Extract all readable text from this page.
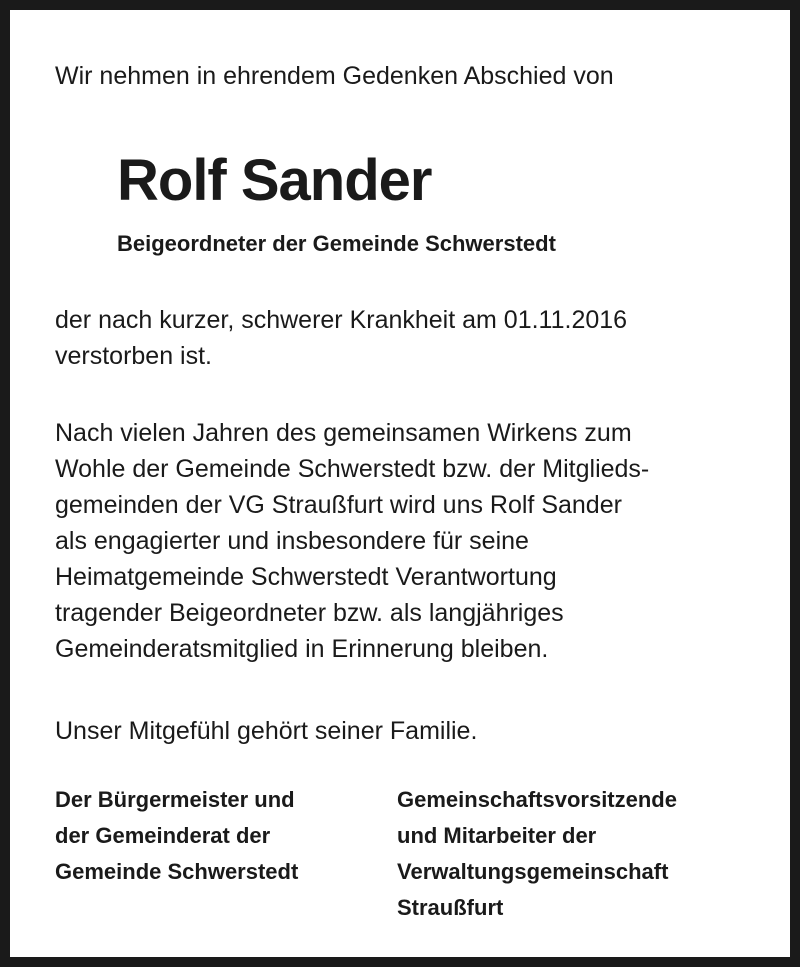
Wir nehmen in ehrendem Gedenken Abschied von
Rolf Sander
Beigeordneter der Gemeinde Schwerstedt
der nach kurzer, schwerer Krankheit am 01.11.2016
verstorben ist.
Nach vielen Jahren des gemeinsamen Wirkens zum
Wohle der Gemeinde Schwerstedt bzw. der Mitglieds-
gemeinden der VG Straußfurt wird uns Rolf Sander
als engagierter und insbesondere für seine
Heimatgemeinde Schwerstedt Verantwortung
tragender Beigeordneter bzw. als langjähriges
Gemeinderatsmitglied in Erinnerung bleiben.
Unser Mitgefühl gehört seiner Familie.
Der Bürgermeister und
der Gemeinderat der
Gemeinde Schwerstedt
Gemeinschaftsvorsitzende
und Mitarbeiter der
Verwaltungsgemeinschaft
Straußfurt
